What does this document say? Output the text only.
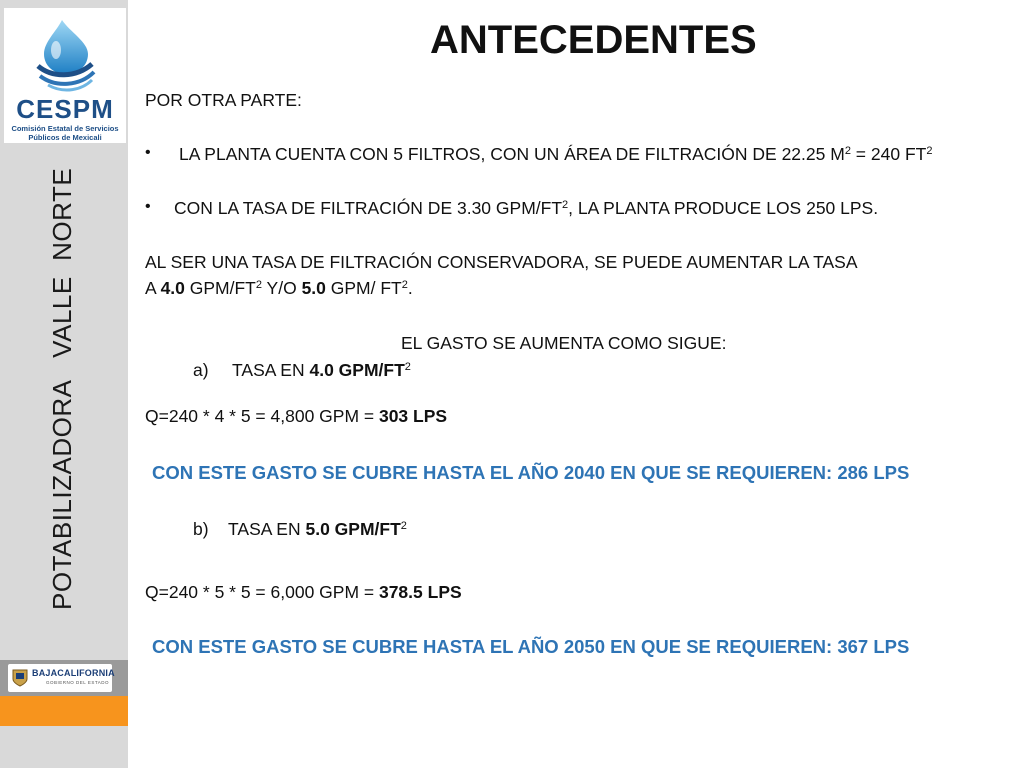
CESPM
Comisión Estatal de Servicios
Públicos de Mexicali
POTABILIZADORA   VALLE  NORTE
BAJACALIFORNIA
GOBIERNO DEL ESTADO
ANTECEDENTES
POR OTRA PARTE:
• LA PLANTA CUENTA CON 5 FILTROS, CON UN ÁREA DE FILTRACIÓN DE 22.25 $M^2 = 240$ $FT^2$
• CON LA TASA DE FILTRACIÓN DE 3.30 GPM/$FT^2$, LA PLANTA PRODUCE LOS 250 LPS.
AL SER UNA TASA DE FILTRACIÓN CONSERVADORA, SE PUEDE AUMENTAR LA TASA
A 4.0 GPM/$FT^2$ Y/O 5.0 GPM/ $FT^2$.
EL GASTO SE AUMENTA COMO SIGUE:
a) TASA EN 4.0 GPM/$FT^2$
Q=240 * 4 * 5 = 4,800 GPM = 303 LPS
CON ESTE GASTO SE CUBRE HASTA EL AÑO 2040 EN QUE SE REQUIEREN: 286 LPS
b) TASA EN 5.0 GPM/$FT^2$
Q=240 * 5 * 5 = 6,000 GPM = 378.5 LPS
CON ESTE GASTO SE CUBRE HASTA EL AÑO 2050 EN QUE SE REQUIEREN: 367 LPS
